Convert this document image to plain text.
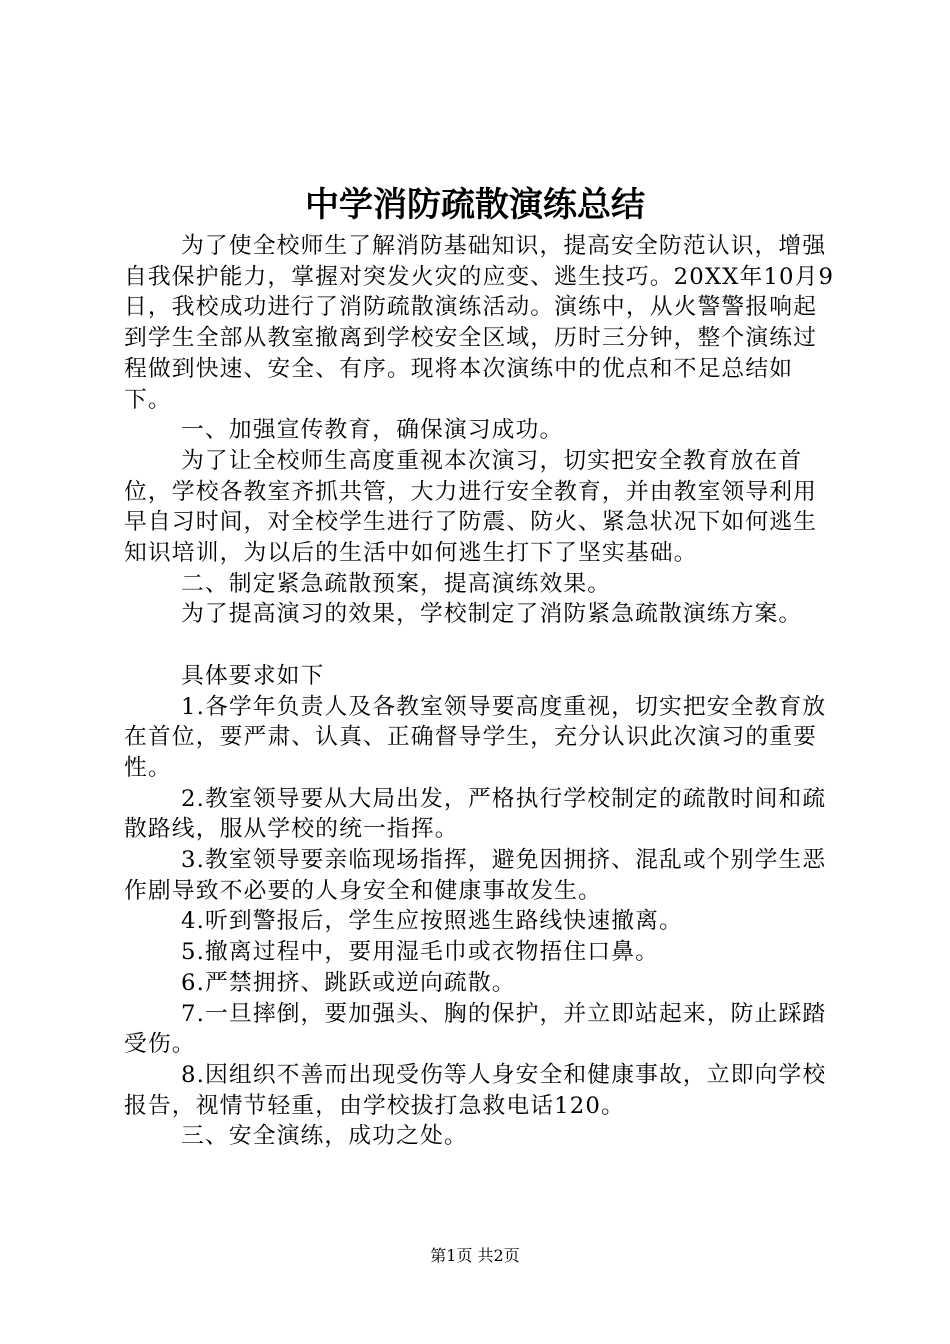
中学消防疏散演练总结

为了使全校师生了解消防基础知识，提高安全防范认识，增强自我保护能力，掌握对突发火灾的应变、逃生技巧。20XX年10月9日，我校成功进行了消防疏散演练活动。演练中，从火警警报响起到学生全部从教室撤离到学校安全区域，历时三分钟，整个演练过程做到快速、安全、有序。现将本次演练中的优点和不足总结如下。

一、加强宣传教育，确保演习成功。

为了让全校师生高度重视本次演习，切实把安全教育放在首位，学校各教室齐抓共管，大力进行安全教育，并由教室领导利用早自习时间，对全校学生进行了防震、防火、紧急状况下如何逃生知识培训，为以后的生活中如何逃生打下了坚实基础。

二、制定紧急疏散预案，提高演练效果。

为了提高演习的效果，学校制定了消防紧急疏散演练方案。

具体要求如下

1.各学年负责人及各教室领导要高度重视，切实把安全教育放在首位，要严肃、认真、正确督导学生，充分认识此次演习的重要性。

2.教室领导要从大局出发，严格执行学校制定的疏散时间和疏散路线，服从学校的统一指挥。

3.教室领导要亲临现场指挥，避免因拥挤、混乱或个别学生恶作剧导致不必要的人身安全和健康事故发生。

4.听到警报后，学生应按照逃生路线快速撤离。

5.撤离过程中，要用湿毛巾或衣物捂住口鼻。

6.严禁拥挤、跳跃或逆向疏散。

7.一旦摔倒，要加强头、胸的保护，并立即站起来，防止踩踏受伤。

8.因组织不善而出现受伤等人身安全和健康事故，立即向学校报告，视情节轻重，由学校拔打急救电话120。

三、安全演练，成功之处。

第1页 共2页
